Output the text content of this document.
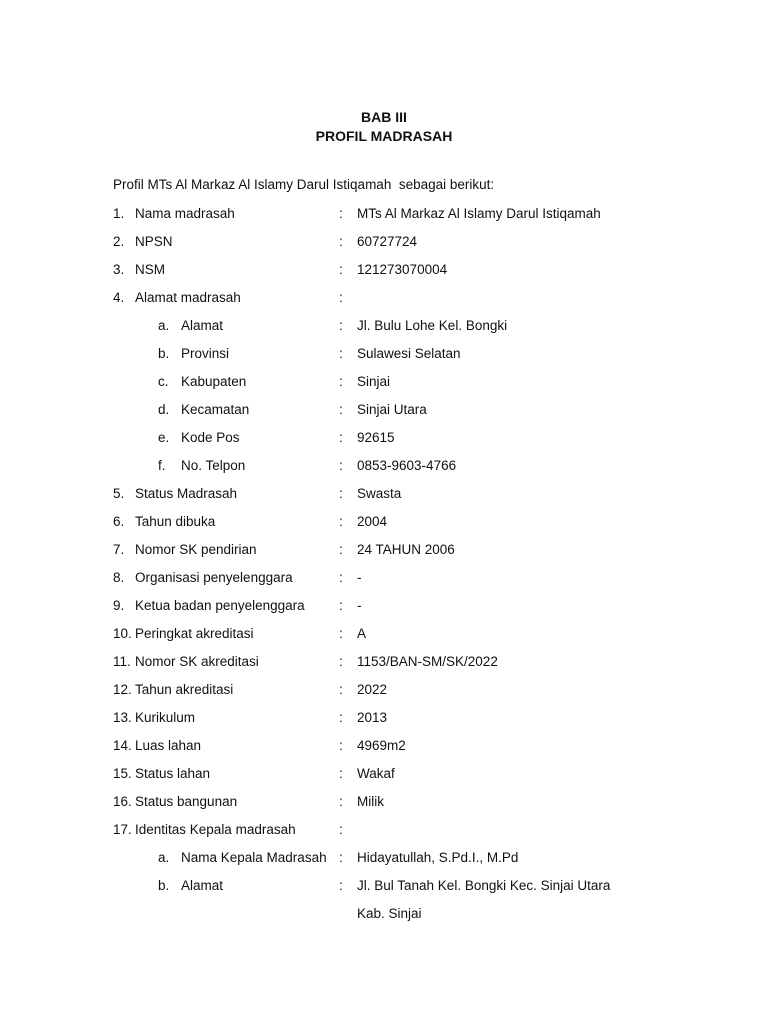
BAB III
PROFIL MADRASAH
Profil MTs Al Markaz Al Islamy Darul Istiqamah  sebagai berikut:
1. Nama madrasah	: MTs Al Markaz Al Islamy Darul Istiqamah
2. NPSN	: 60727724
3. NSM	: 121273070004
4. Alamat madrasah	:
a. Alamat	: Jl. Bulu Lohe Kel. Bongki
b. Provinsi	: Sulawesi Selatan
c. Kabupaten	: Sinjai
d. Kecamatan	: Sinjai Utara
e. Kode Pos	: 92615
f. No. Telpon	: 0853-9603-4766
5. Status Madrasah	: Swasta
6. Tahun dibuka	: 2004
7. Nomor SK pendirian	: 24 TAHUN 2006
8. Organisasi penyelenggara	: -
9. Ketua badan penyelenggara	: -
10. Peringkat akreditasi	: A
11. Nomor SK akreditasi	: 1153/BAN-SM/SK/2022
12. Tahun akreditasi	: 2022
13. Kurikulum	: 2013
14. Luas lahan	: 4969m2
15. Status lahan	: Wakaf
16. Status bangunan	: Milik
17. Identitas Kepala madrasah	:
a. Nama Kepala Madrasah : Hidayatullah, S.Pd.I., M.Pd
b. Alamat	: Jl. Bul Tanah Kel. Bongki Kec. Sinjai Utara
Kab. Sinjai
